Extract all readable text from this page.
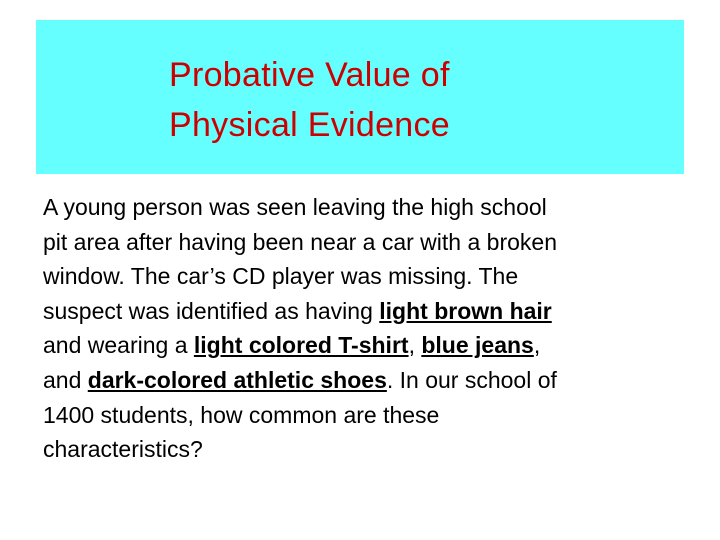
Probative Value of
Physical Evidence

A young person was seen leaving the high school
pit area after having been near a car with a broken
window. The car’s CD player was missing. The
suspect was identified as having light brown hair
and wearing a light colored T-shirt, blue jeans,
and dark-colored athletic shoes. In our school of
1400 students, how common are these
characteristics?
